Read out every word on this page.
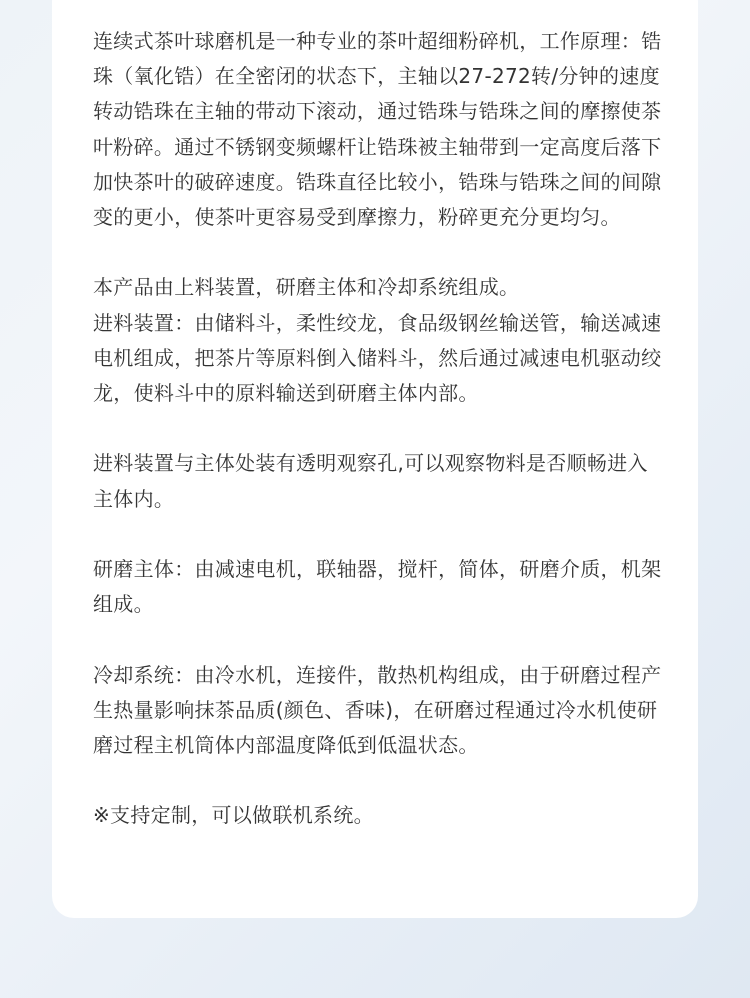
连续式茶叶球磨机是一种专业的茶叶超细粉碎机，工作原理：锆珠（氧化锆）在全密闭的状态下，主轴以27-272转/分钟的速度转动锆珠在主轴的带动下滚动，通过锆珠与锆珠之间的摩擦使茶叶粉碎。通过不锈钢变频螺杆让锆珠被主轴带到一定高度后落下加快茶叶的破碎速度。锆珠直径比较小，锆珠与锆珠之间的间隙变的更小，使茶叶更容易受到摩擦力，粉碎更充分更均匀。

本产品由上料装置，研磨主体和冷却系统组成。

进料装置：由储料斗，柔性绞龙，食品级钢丝输送管，输送减速电机组成，把茶片等原料倒入储料斗，然后通过减速电机驱动绞龙，使料斗中的原料输送到研磨主体内部。

进料装置与主体处装有透明观察孔,可以观察物料是否顺畅进入主体内。

研磨主体：由减速电机，联轴器，搅杆，简体，研磨介质，机架组成。

冷却系统：由冷水机，连接件，散热机构组成，由于研磨过程产生热量影响抹茶品质(颜色、香味)，在研磨过程通过冷水机使研磨过程主机筒体内部温度降低到低温状态。

※支持定制，可以做联机系统。
